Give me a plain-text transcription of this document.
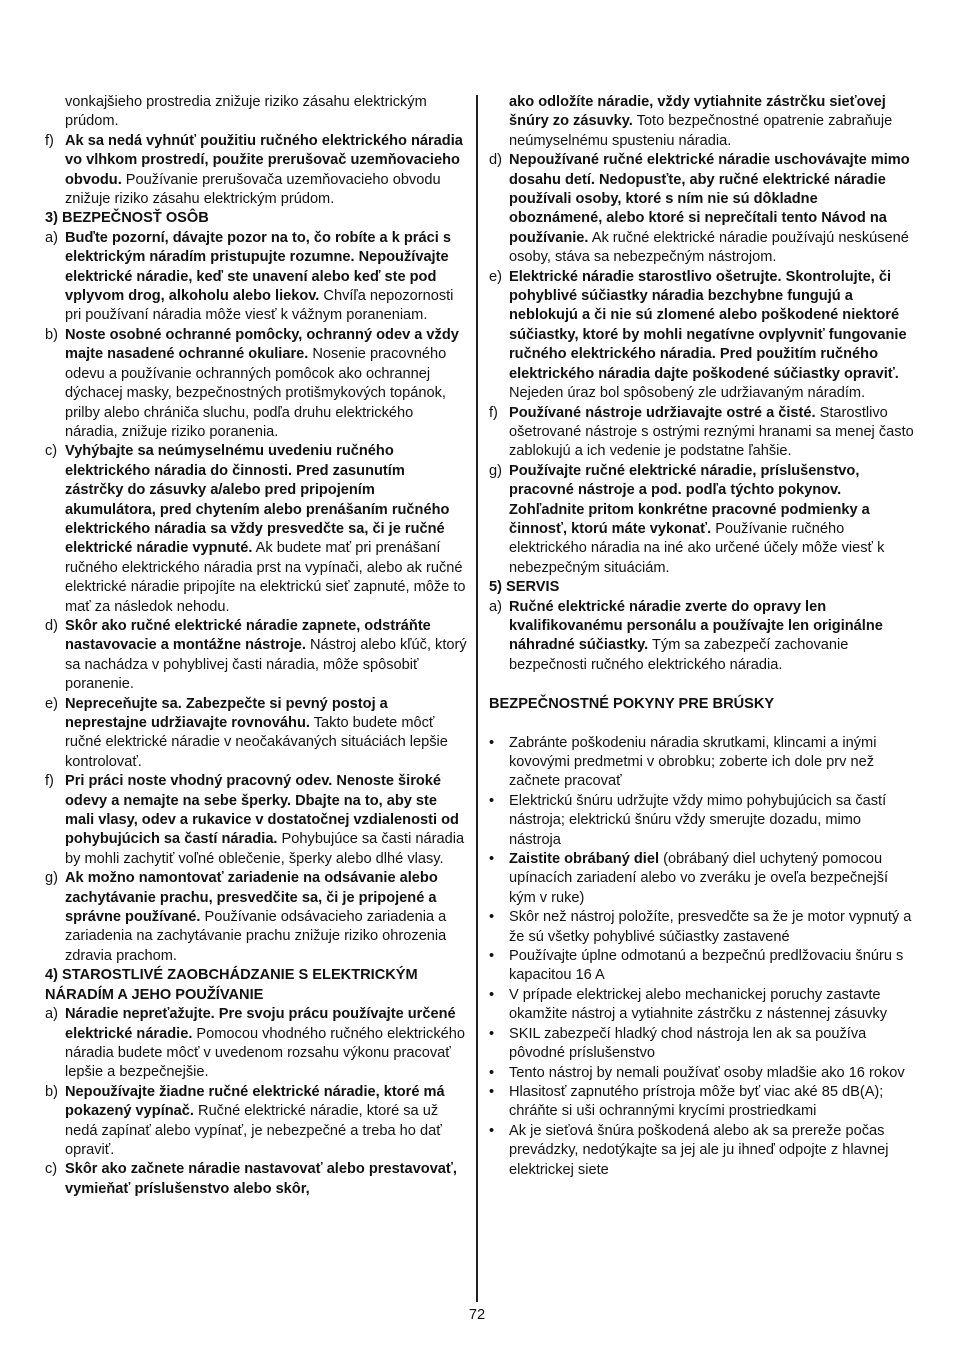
vonkajšieho prostredia znižuje riziko zásahu elektrickým prúdom.
f) Ak sa nedá vyhnúť použitiu ručného elektrického náradia vo vlhkom prostredí, použite prerušovač uzemňovacieho obvodu. Používanie prerušovača uzemňovacieho obvodu znižuje riziko zásahu elektrickým prúdom.
3) BEZPEČNOSŤ OSÔB
a) Buďte pozorní, dávajte pozor na to, čo robíte a k práci s elektrickým náradím pristupujte rozumne. Nepoužívajte elektrické náradie, keď ste unavení alebo keď ste pod vplyvom drog, alkoholu alebo liekov. Chvíľa nepozornosti pri používaní náradia môže viesť k vážnym poraneniam.
b) Noste osobné ochranné pomôcky, ochranný odev a vždy majte nasadené ochranné okuliare. Nosenie pracovného odevu a používanie ochranných pomôcok ako ochrannej dýchacej masky, bezpečnostných protišmykových topánok, prilby alebo chrániča sluchu, podľa druhu elektrického náradia, znižuje riziko poranenia.
c) Vyhýbajte sa neúmyselnému uvedeniu ručného elektrického náradia do činnosti. Pred zasunutím zástrčky do zásuvky a/alebo pred pripojením akumulátora, pred chytením alebo prenášaním ručného elektrického náradia sa vždy presvedčte sa, či je ručné elektrické náradie vypnuté. Ak budete mať pri prenášaní ručného elektrického náradia prst na vypínači, alebo ak ručné elektrické náradie pripojíte na elektrickú sieť zapnuté, môže to mať za následok nehodu.
d) Skôr ako ručné elektrické náradie zapnete, odstráňte nastavovacie a montážne nástroje. Nástroj alebo kľúč, ktorý sa nachádza v pohyblivej časti náradia, môže spôsobiť poranenie.
e) Nepreceňujte sa. Zabezpečte si pevný postoj a neprestajne udržiavajte rovnováhu. Takto budete môcť ručné elektrické náradie v neočakávaných situáciách lepšie kontrolovať.
f) Pri práci noste vhodný pracovný odev. Nenoste široké odevy a nemajte na sebe šperky. Dbajte na to, aby ste mali vlasy, odev a rukavice v dostatočnej vzdialenosti od pohybujúcich sa častí náradia. Pohybujúce sa časti náradia by mohli zachytiť voľné oblečenie, šperky alebo dlhé vlasy.
g) Ak možno namontovať zariadenie na odsávanie alebo zachytávanie prachu, presvedčite sa, či je pripojené a správne používané. Používanie odsávacieho zariadenia a zariadenia na zachytávanie prachu znižuje riziko ohrozenia zdravia prachom.
4) STAROSTLIVÉ ZAOBCHÁDZANIE S ELEKTRICKÝM NÁRADÍM A JEHO POUŽÍVANIE
a) Náradie nepreťažujte. Pre svoju prácu používajte určené elektrické náradie. Pomocou vhodného ručného elektrického náradia budete môcť v uvedenom rozsahu výkonu pracovať lepšie a bezpečnejšie.
b) Nepoužívajte žiadne ručné elektrické náradie, ktoré má pokazený vypínač. Ručné elektrické náradie, ktoré sa už nedá zapínať alebo vypínať, je nebezpečné a treba ho dať opraviť.
c) Skôr ako začnete náradie nastavovať alebo prestavovať, vymieňať príslušenstvo alebo skôr,
ako odložíte náradie, vždy vytiahnite zástrčku sieťovej šnúry zo zásuvky. Toto bezpečnostné opatrenie zabraňuje neúmyselnému spusteniu náradia.
d) Nepoužívané ručné elektrické náradie uschovávajte mimo dosahu detí. Nedopusťte, aby ručné elektrické náradie používali osoby, ktoré s ním nie sú dôkladne oboznámené, alebo ktoré si neprečítali tento Návod na používanie. Ak ručné elektrické náradie používajú neskúsené osoby, stáva sa nebezpečným nástrojom.
e) Elektrické náradie starostlivo ošetrujte. Skontrolujte, či pohyblivé súčiastky náradia bezchybne fungujú a neblokujú a či nie sú zlomené alebo poškodené niektoré súčiastky, ktoré by mohli negatívne ovplyvniť fungovanie ručného elektrického náradia. Pred použitím ručného elektrického náradia dajte poškodené súčiastky opraviť. Nejeden úraz bol spôsobený zle udržiavaným náradím.
f) Používané nástroje udržiavajte ostré a čisté. Starostlivo ošetrované nástroje s ostrými reznými hranami sa menej často zablokujú a ich vedenie je podstatne ľahšie.
g) Používajte ručné elektrické náradie, príslušenstvo, pracovné nástroje a pod. podľa týchto pokynov. Zohľadnite pritom konkrétne pracovné podmienky a činnosť, ktorú máte vykonať. Používanie ručného elektrického náradia na iné ako určené účely môže viesť k nebezpečným situáciám.
5) SERVIS
a) Ručné elektrické náradie zverte do opravy len kvalifikovanému personálu a používajte len originálne náhradné súčiastky. Tým sa zabezpečí zachovanie bezpečnosti ručného elektrického náradia.
BEZPEČNOSTNÉ POKYNY PRE BRÚSKY
• Zabránte poškodeniu náradia skrutkami, klincami a inými kovovými predmetmi v obrobku; zoberte ich dole prv než začnete pracovať
• Elektrickú šnúru udržujte vždy mimo pohybujúcich sa častí nástroja; elektrickú šnúru vždy smerujte dozadu, mimo nástroja
• Zaistite obrábaný diel (obrábaný diel uchytený pomocou upínacích zariadení alebo vo zveráku je oveľa bezpečnejší kým v ruke)
• Skôr než nástroj položíte, presvedčte sa že je motor vypnutý a že sú všetky pohyblivé súčiastky zastavené
• Používajte úplne odmotanú a bezpečnú predlžovaciu šnúru s kapacitou 16 A
• V prípade elektrickej alebo mechanickej poruchy zastavte okamžite nástroj a vytiahnite zástrčku z nástennej zásuvky
• SKIL zabezpečí hladký chod nástroja len ak sa používa pôvodné príslušenstvo
• Tento nástroj by nemali používať osoby mladšie ako 16 rokov
• Hlasitosť zapnutého prístroja môže byť viac aké 85 dB(A); chráňte si uši ochrannými krycími prostriedkami
• Ak je sieťová šnúra poškodená alebo ak sa prereže počas prevádzky, nedotýkajte sa jej ale ju ihneď odpojte z hlavnej elektrickej siete
72
